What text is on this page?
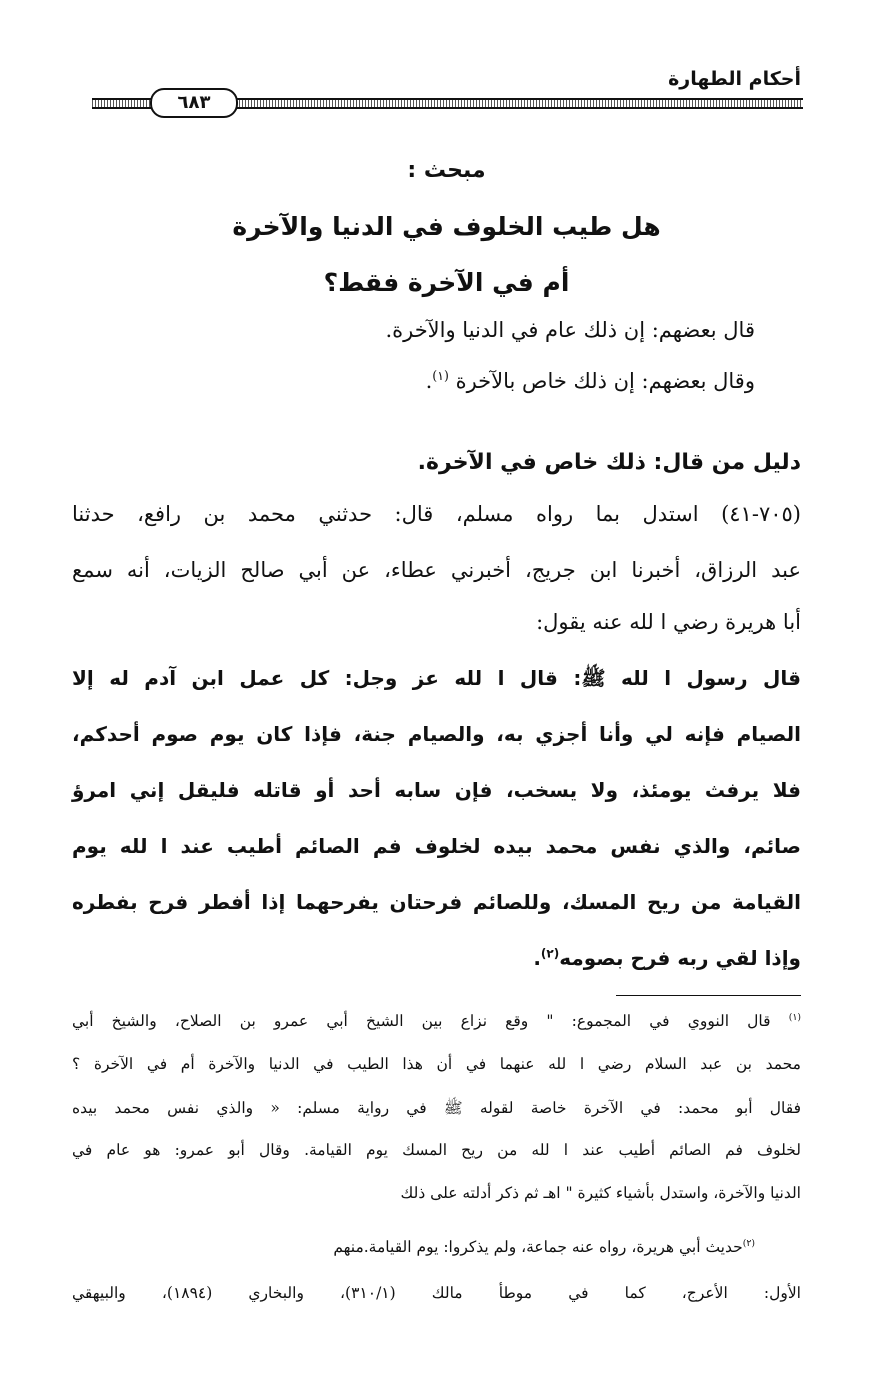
أحكام الطهارة
٦٨٣
مبحث :
هل طيب الخلوف في الدنيا والآخرة
أم في الآخرة فقط؟

قال بعضهم: إن ذلك عام في الدنيا والآخرة.

وقال بعضهم: إن ذلك خاص بالآخرة $^{(١)}$.

دليل من قال: ذلك خاص في الآخرة.

(٧٠٥-٤١) استدل بما رواه مسلم، قال: حدثني محمد بن رافع، حدثنا

عبد الرزاق، أخبرنا ابن جريج، أخبرني عطاء، عن أبي صالح الزيات، أنه سمع

أبا هريرة رضي ا لله عنه يقول:

قال رسول ا لله ﷺ: قال ا لله عز وجل: كل عمل ابن آدم له إلا

الصيام فإنه لي وأنا أجزي به، والصيام جنة، فإذا كان يوم صوم أحدكم،

فلا يرفث يومئذ، ولا يسخب، فإن سابه أحد أو قاتله فليقل إني امرؤ

صائم، والذي نفس محمد بيده لخلوف فم الصائم أطيب عند ا لله يوم

القيامة من ريح المسك، وللصائم فرحتان يفرحهما إذا أفطر فرح بفطره

وإذا لقي ربه فرح بصومه$^{(٢)}$.

$^{(١)}$ قال النووي في المجموع: " وقع نزاع بين الشيخ أبي عمرو بن الصلاح، والشيخ أبي

محمد بن عبد السلام رضي ا لله عنهما في أن هذا الطيب في الدنيا والآخرة أم في الآخرة ؟

فقال أبو محمد: في الآخرة خاصة لقوله ﷺ في رواية مسلم: « والذي نفس محمد بيده

لخلوف فم الصائم أطيب عند ا لله من ريح المسك يوم القيامة. وقال أبو عمرو: هو عام في

الدنيا والآخرة، واستدل بأشياء كثيرة " اهـ ثم ذكر أدلته على ذلك

$^{(٢)}$حديث أبي هريرة، رواه عنه جماعة، ولم يذكروا: يوم القيامة.منهم

الأول: الأعرج، كما في موطأ مالك (٣١٠/١)، والبخاري (١٨٩٤)، والبيهقي
